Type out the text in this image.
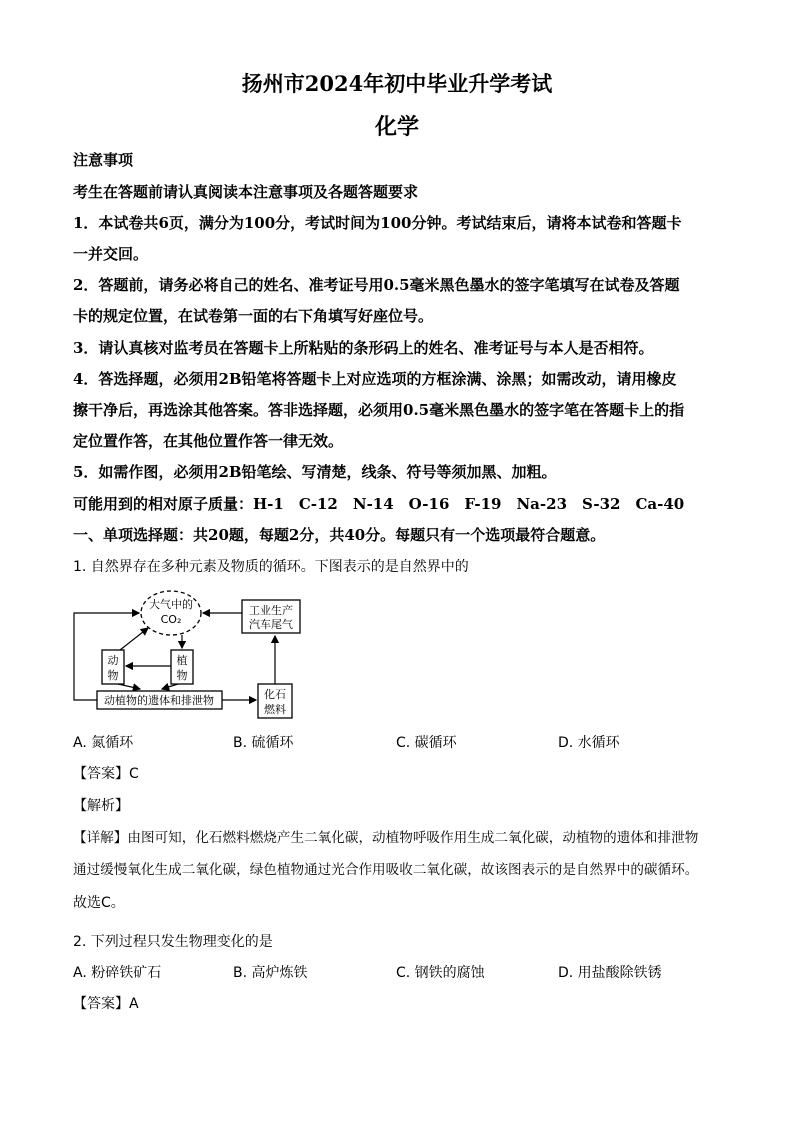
扬州市2024年初中毕业升学考试
化学
注意事项
考生在答题前请认真阅读本注意事项及各题答题要求
1．本试卷共6页，满分为100分，考试时间为100分钟。考试结束后，请将本试卷和答题卡
一并交回。
2．答题前，请务必将自己的姓名、准考证号用0.5毫米黑色墨水的签字笔填写在试卷及答题
卡的规定位置，在试卷第一面的右下角填写好座位号。
3．请认真核对监考员在答题卡上所粘贴的条形码上的姓名、准考证号与本人是否相符。
4．答选择题，必须用2B铅笔将答题卡上对应选项的方框涂满、涂黑；如需改动，请用橡皮
擦干净后，再选涂其他答案。答非选择题，必须用0.5毫米黑色墨水的签字笔在答题卡上的指
定位置作答，在其他位置作答一律无效。
5．如需作图，必须用2B铅笔绘、写清楚，线条、符号等须加黑、加粗。
可能用到的相对原子质量：H-1　C-12　N-14　O-16　F-19　Na-23　S-32　Ca-40
一、单项选择题：共20题，每题2分，共40分。每题只有一个选项最符合题意。
1. 自然界存在多种元素及物质的循环。下图表示的是自然界中的
大气中的
CO₂
工业生产
汽车尾气
动
物
植
物
动植物的遗体和排泄物	化石
燃料
A. 氮循环	B. 硫循环	C. 碳循环	D. 水循环
【答案】C
【解析】
【详解】由图可知，化石燃料燃烧产生二氧化碳，动植物呼吸作用生成二氧化碳，动植物的遗体和排泄物
通过缓慢氧化生成二氧化碳，绿色植物通过光合作用吸收二氧化碳，故该图表示的是自然界中的碳循环。
故选C。
2. 下列过程只发生物理变化的是
A. 粉碎铁矿石	B. 高炉炼铁	C. 钢铁的腐蚀	D. 用盐酸除铁锈
【答案】A
